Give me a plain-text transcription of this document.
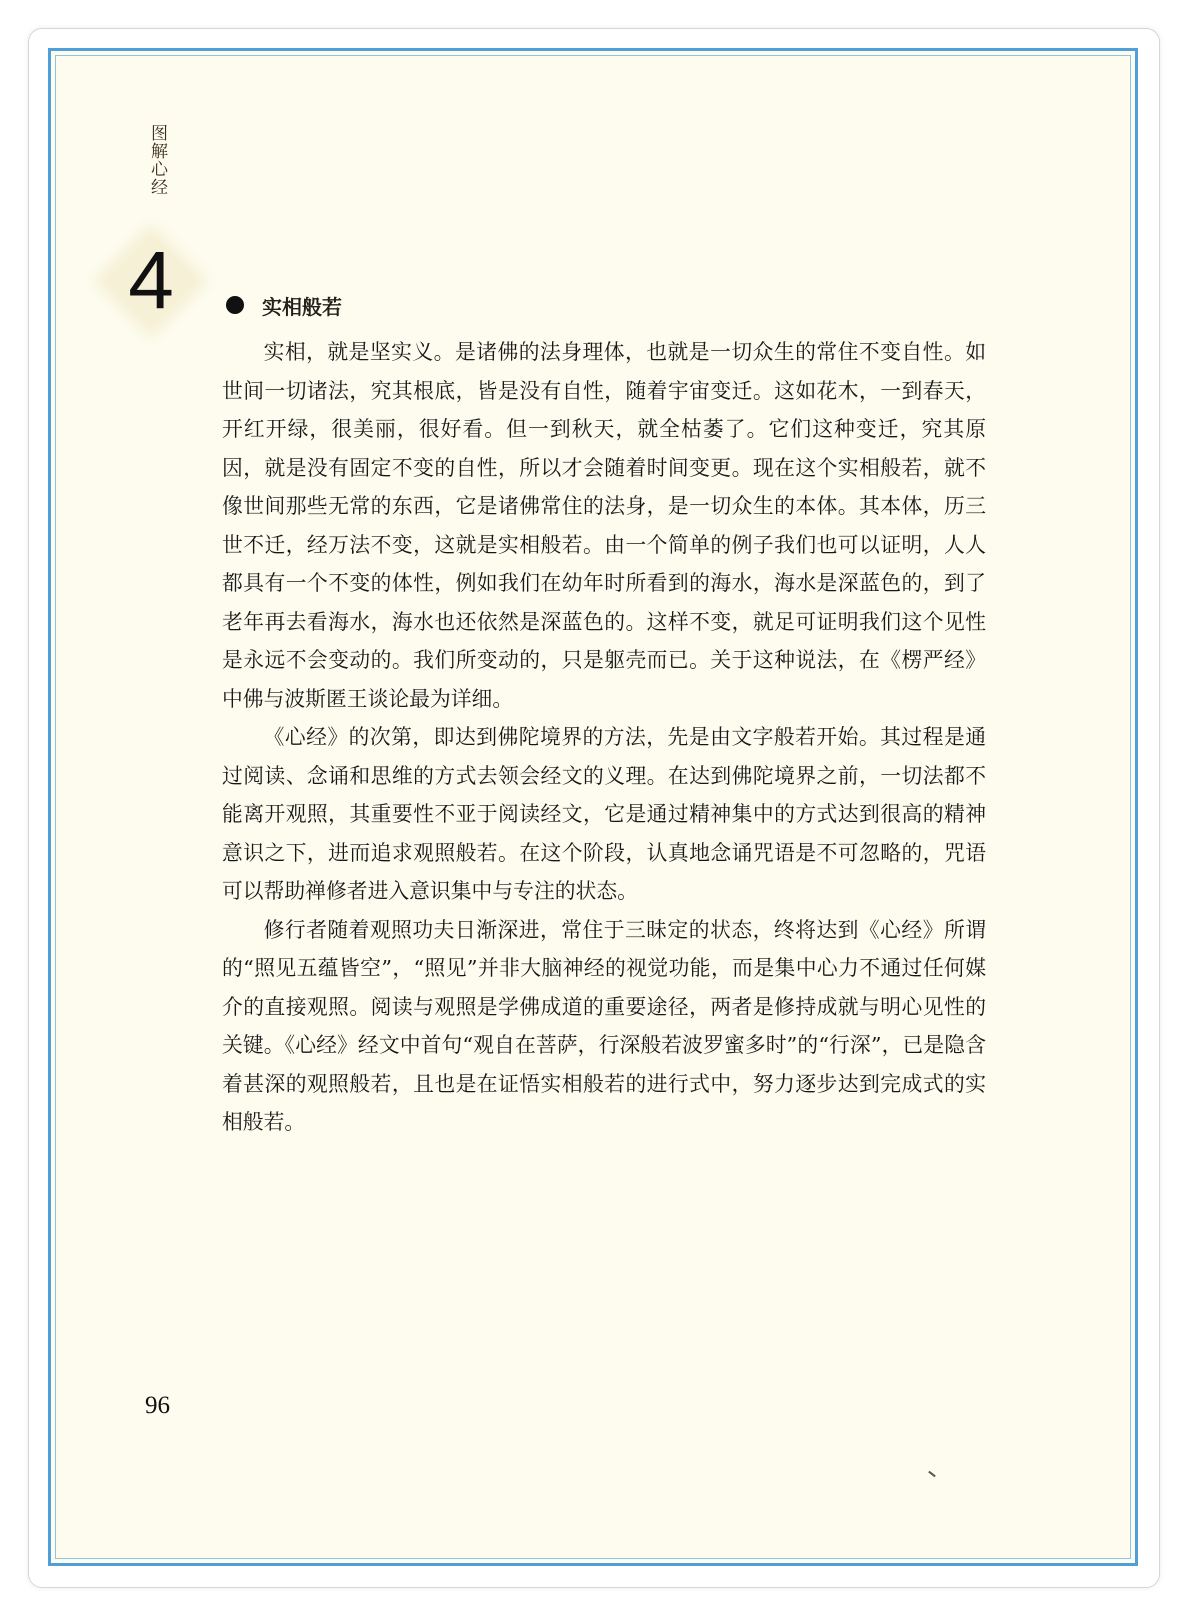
图解心经
4	实相般若

实相，就是坚实义。是诸佛的法身理体，也就是一切众生的常住不变自性。如世间一切诸法，究其根底，皆是没有自性，随着宇宙变迁。这如花木，一到春天，开红开绿，很美丽，很好看。但一到秋天，就全枯萎了。它们这种变迁，究其原因，就是没有固定不变的自性，所以才会随着时间变更。现在这个实相般若，就不像世间那些无常的东西，它是诸佛常住的法身，是一切众生的本体。其本体，历三世不迁，经万法不变，这就是实相般若。由一个简单的例子我们也可以证明，人人都具有一个不变的体性，例如我们在幼年时所看到的海水，海水是深蓝色的，到了老年再去看海水，海水也还依然是深蓝色的。这样不变，就足可证明我们这个见性是永远不会变动的。我们所变动的，只是躯壳而已。关于这种说法，在《楞严经》中佛与波斯匿王谈论最为详细。

《心经》的次第，即达到佛陀境界的方法，先是由文字般若开始。其过程是通过阅读、念诵和思维的方式去领会经文的义理。在达到佛陀境界之前，一切法都不能离开观照，其重要性不亚于阅读经文，它是通过精神集中的方式达到很高的精神意识之下，进而追求观照般若。在这个阶段，认真地念诵咒语是不可忽略的，咒语可以帮助禅修者进入意识集中与专注的状态。

修行者随着观照功夫日渐深进，常住于三昧定的状态，终将达到《心经》所谓的“照见五蕴皆空”，“照见”并非大脑神经的视觉功能，而是集中心力不通过任何媒介的直接观照。阅读与观照是学佛成道的重要途径，两者是修持成就与明心见性的关键。《心经》经文中首句“观自在菩萨，行深般若波罗蜜多时”的“行深”，已是隐含着甚深的观照般若，且也是在证悟实相般若的进行式中，努力逐步达到完成式的实相般若。

96
